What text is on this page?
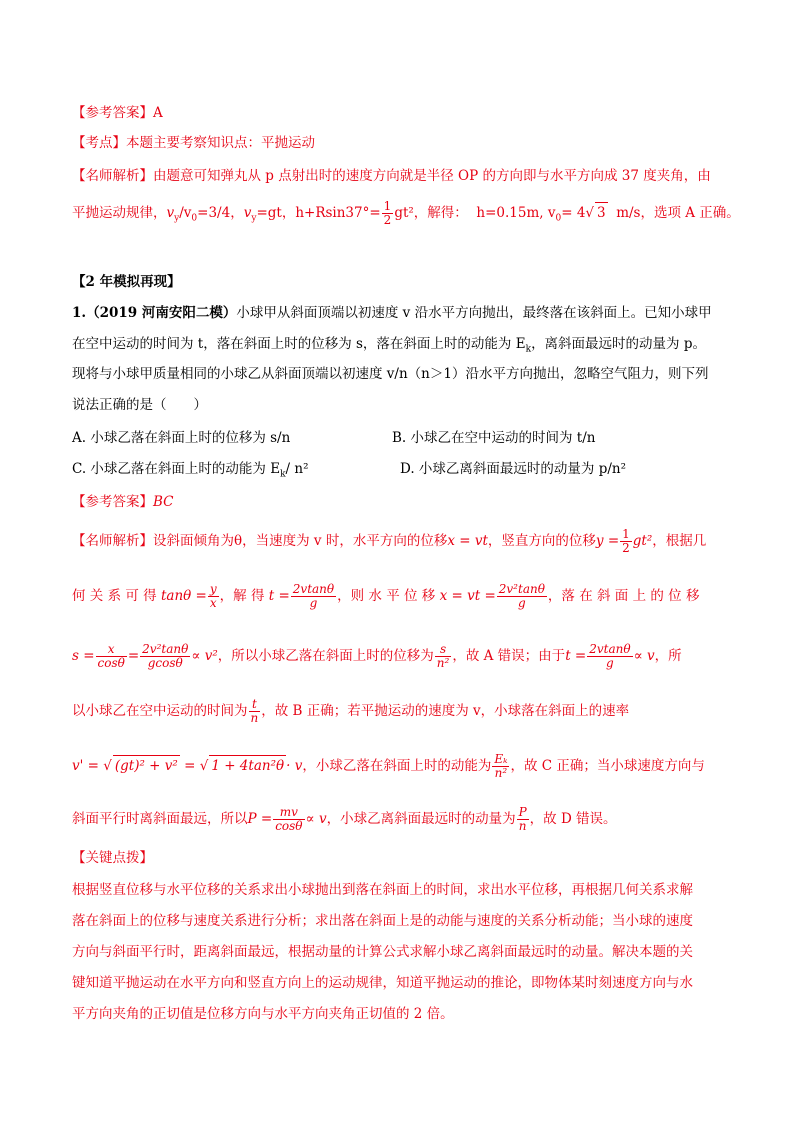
【参考答案】A
【考点】本题主要考察知识点：平抛运动
【名师解析】由题意可知弹丸从 p 点射出时的速度方向就是半径 OP 的方向即与水平方向成 37 度夹角，由
平抛运动规律，$v_y/v_0=3/4$，$v_y=gt$，$h+Rsin37^\circ= \frac{1}{2} gt^2$，解得： h=0.15m, $v_0= 4√$ 3 m/s，选项 A 正确。
【2 年模拟再现】
1.（2019 河南安阳二模）小球甲从斜面顶端以初速度 v 沿水平方向抛出，最终落在该斜面上。已知小球甲
在空中运动的时间为 t，落在斜面上时的位移为 s，落在斜面上时的动能为 $E_k$，离斜面最远时的动量为 p。
现将与小球甲质量相同的小球乙从斜面顶端以初速度 v/n（n＞1）沿水平方向抛出，忽略空气阻力，则下列
说法正确的是（　　）
A. 小球乙落在斜面上时的位移为 s/n	B. 小球乙在空中运动的时间为 t/n
C. 小球乙落在斜面上时的动能为 $E_k/$ n²	D. 小球乙离斜面最远时的动量为 p/n²
【参考答案】BC
【名师解析】设斜面倾角为θ，当速度为 v 时，水平方向的位移x = vt，竖直方向的位移$y = \frac{1}{2} gt^2$，根据几
何 关 系 可 得 $\tan\theta = \frac{y}{x}$ ，解 得 $t = \frac{2vtan\theta}{g}$ ，则 水 平 位 移 x = vt = $\frac{\text{2v²tanθ}}{g}$ ，落 在 斜 面 上 的 位 移
$s = \frac{x}{\cos\theta} = \frac{\text{2v²tanθ}}{gcos\theta} \propto v^2$，所以小球乙落在斜面上时的位移为 $\frac{s}{\text{n²}}$ ，故 A 错误；由于$t = \frac{2vtan\theta}{g} \propto v$，所
以小球乙在空中运动的时间为 $\frac{t}{n}$ ，故 B 正确；若平抛运动的速度为 v，小球落在斜面上的速率
v' = √ (gt)² + v² = √ 1 + 4tan²θ · v，小球乙落在斜面上时的动能为 $\frac{\text{Eₖ}}{\text{n²}}$ ，故 C 正确；当小球速度方向与
斜面平行时离斜面最远，所以$P = \frac{mv}{\cos\theta} \propto v$，小球乙离斜面最远时的动量为 $\frac{P}{n}$ ，故 D 错误。
【关键点拨】
根据竖直位移与水平位移的关系求出小球抛出到落在斜面上的时间，求出水平位移，再根据几何关系求解
落在斜面上的位移与速度关系进行分析；求出落在斜面上是的动能与速度的关系分析动能；当小球的速度
方向与斜面平行时，距离斜面最远，根据动量的计算公式求解小球乙离斜面最远时的动量。解决本题的关
键知道平抛运动在水平方向和竖直方向上的运动规律，知道平抛运动的推论，即物体某时刻速度方向与水
平方向夹角的正切值是位移方向与水平方向夹角正切值的 2 倍。
